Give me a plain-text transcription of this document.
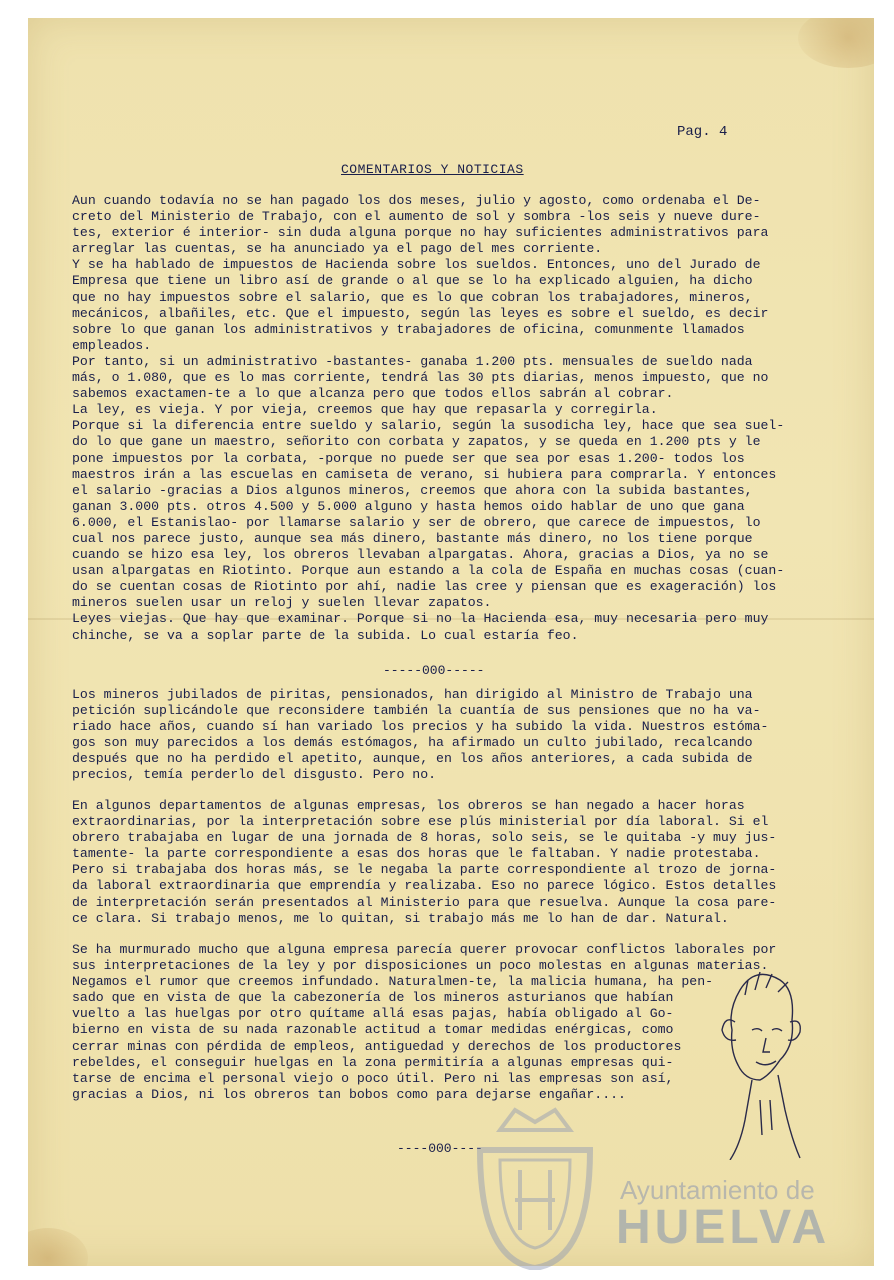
Pag. 4
COMENTARIOS Y NOTICIAS
Aun cuando todavía no se han pagado los dos meses, julio y agosto, como ordenaba el De-
creto del Ministerio de Trabajo, con el aumento de sol y sombra -los seis y nueve dure-
tes, exterior é interior- sin duda alguna porque no hay suficientes administrativos para
arreglar las cuentas, se ha anunciado ya el pago del mes corriente.
Y se ha hablado de impuestos de Hacienda sobre los sueldos. Entonces, uno del Jurado de
Empresa que tiene un libro así de grande o al que se lo ha explicado alguien, ha dicho
que no hay impuestos sobre el salario, que es lo que cobran los trabajadores, mineros,
mecánicos, albañiles, etc. Que el impuesto, según las leyes es sobre el sueldo, es decir
sobre lo que ganan los administrativos y trabajadores de oficina, comunmente llamados
empleados.
Por tanto, si un administrativo -bastantes- ganaba 1.200 pts. mensuales de sueldo nada
más, o 1.080, que es lo mas corriente, tendrá las 30 pts diarias, menos impuesto, que no
sabemos exactamen-te a lo que alcanza pero que todos ellos sabrán al cobrar.
La ley, es vieja. Y por vieja, creemos que hay que repasarla y corregirla.
Porque si la diferencia entre sueldo y salario, según la susodicha ley, hace que sea suel-
do lo que gane un maestro, señorito con corbata y zapatos, y se queda en 1.200 pts y le
pone impuestos por la corbata, -porque no puede ser que sea por esas 1.200- todos los
maestros irán a las escuelas en camiseta de verano, si hubiera para comprarla. Y entonces
el salario -gracias a Dios algunos mineros, creemos que ahora con la subida bastantes,
ganan 3.000 pts. otros 4.500 y 5.000 alguno y hasta hemos oido hablar de uno que gana
6.000, el Estanislao- por llamarse salario y ser de obrero, que carece de impuestos, lo
cual nos parece justo, aunque sea más dinero, bastante más dinero, no los tiene porque
cuando se hizo esa ley, los obreros llevaban alpargatas. Ahora, gracias a Dios, ya no se
usan alpargatas en Riotinto. Porque aun estando a la cola de España en muchas cosas (cuan-
do se cuentan cosas de Riotinto por ahí, nadie las cree y piensan que es exageración) los
mineros suelen usar un reloj y suelen llevar zapatos.
Leyes viejas. Que hay que examinar. Porque si no la Hacienda esa, muy necesaria pero muy
chinche, se va a soplar parte de la subida. Lo cual estaría feo.
-----000-----
Los mineros jubilados de piritas, pensionados, han dirigido al Ministro de Trabajo una
petición suplicándole que reconsidere también la cuantía de sus pensiones que no ha va-
riado hace años, cuando sí han variado los precios y ha subido la vida. Nuestros estóma-
gos son muy parecidos a los demás estómagos, ha afirmado un culto jubilado, recalcando
después que no ha perdido el apetito, aunque, en los años anteriores, a cada subida de
precios, temía perderlo del disgusto. Pero no.
En algunos departamentos de algunas empresas, los obreros se han negado a hacer horas
extraordinarias, por la interpretación sobre ese plús ministerial por día laboral. Si el
obrero trabajaba en lugar de una jornada de 8 horas, solo seis, se le quitaba -y muy jus-
tamente- la parte correspondiente a esas dos horas que le faltaban. Y nadie protestaba.
Pero si trabajaba dos horas más, se le negaba la parte correspondiente al trozo de jorna-
da laboral extraordinaria que emprendía y realizaba. Eso no parece lógico. Estos detalles
de interpretación serán presentados al Ministerio para que resuelva. Aunque la cosa pare-
ce clara. Si trabajo menos, me lo quitan, si trabajo más me lo han de dar. Natural.
Se ha murmurado mucho que alguna empresa parecía querer provocar conflictos laborales por
sus interpretaciones de la ley y por disposiciones un poco molestas en algunas materias.
Negamos el rumor que creemos infundado. Naturalmen-te, la malicia humana, ha pen-
sado que en vista de que la cabezonería de los mineros asturianos que habían
vuelto a las huelgas por otro quítame allá esas pajas, había obligado al Go-
bierno en vista de su nada razonable actitud a tomar medidas enérgicas, como
cerrar minas con pérdida de empleos, antiguedad y derechos de los productores
rebeldes, el conseguir huelgas en la zona permitiría a algunas empresas qui-
tarse de encima el personal viejo o poco útil. Pero ni las empresas son así,
gracias a Dios, ni los obreros tan bobos como para dejarse engañar....
----000----
Ayuntamiento de
HUELVA
